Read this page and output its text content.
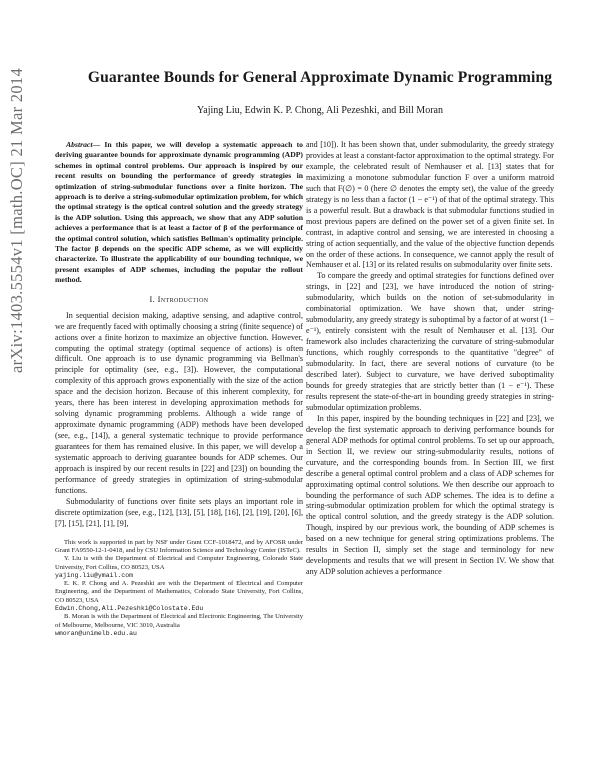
arXiv:1403.5554v1 [math.OC] 21 Mar 2014	Guarantee Bounds for General Approximate Dynamic Programming
Yajing Liu, Edwin K. P. Chong, Ali Pezeshki, and Bill Moran

Abstract— In this paper, we will develop a systematic approach to deriving guarantee bounds for approximate dynamic programming (ADP) schemes in optimal control problems. Our approach is inspired by our recent results on bounding the performance of greedy strategies in optimization of string-submodular functions over a finite horizon. The approach is to derive a string-submodular optimization problem, for which the optimal strategy is the optical control solution and the greedy strategy is the ADP solution. Using this approach, we show that any ADP solution achieves a performance that is at least a factor of β of the performance of the optimal control solution, which satisfies Bellman's optimality principle. The factor β depends on the specific ADP scheme, as we will explicitly characterize. To illustrate the applicability of our bounding technique, we present examples of ADP schemes, including the popular the rollout method.

I. Introduction

In sequential decision making, adaptive sensing, and adaptive control, we are frequently faced with optimally choosing a string (finite sequence) of actions over a finite horizon to maximize an objective function. However, computing the optimal strategy (optimal sequence of actions) is often difficult. One approach is to use dynamic programming via Bellman's principle for optimality (see, e.g., [3]). However, the computational complexity of this approach grows exponentially with the size of the action space and the decision horizon. Because of this inherent complexity, for years, there has been interest in developing approximation methods for solving dynamic programming problems. Although a wide range of approximate dynamic programming (ADP) methods have been developed (see, e.g., [14]), a general systematic technique to provide performance guarantees for them has remained elusive. In this paper, we will develop a systematic approach to deriving guarantee bounds for ADP schemes. Our approach is inspired by our recent results in [22] and [23]) on bounding the performance of greedy strategies in optimization of string-submodular functions.

Submodularity of functions over finite sets plays an important role in discrete optimization (see, e.g., [12], [13], [5], [18], [16], [2], [19], [20], [6], [7], [15], [21], [1], [9],

This work is supported in part by NSF under Grant CCF-1018472, and by AFOSR under Grant FA9550-12-1-0418, and by CSU Information Science and Technology Center (ISTeC).

Y. Liu is with the Department of Electrical and Computer Engineering, Colorado State University, Fort Collins, CO 80523, USA
yajing.liu@ymail.com

E. K. P. Chong and A. Pezeshki are with the Department of Electrical and Computer Engineering, and the Department of Mathematics, Colorado State University, Fort Collins, CO 80523, USA
Edwin.Chong,Ali.Pezeshki@Colostate.Edu

B. Moran is with the Department of Electrical and Electronic Engineering, The University of Melbourne, Melbourne, VIC 3010, Australia
wmoran@unimelb.edu.au

and [10]). It has been shown that, under submodularity, the greedy strategy provides at least a constant-factor approximation to the optimal strategy. For example, the celebrated result of Nemhauser et al. [13] states that for maximizing a monotone submodular function F over a uniform matroid such that F(∅) = 0 (here ∅ denotes the empty set), the value of the greedy strategy is no less than a factor (1 − e⁻¹) of that of the optimal strategy. This is a powerful result. But a drawback is that submodular functions studied in most previous papers are defined on the power set of a given finite set. In contrast, in adaptive control and sensing, we are interested in choosing a string of action sequentially, and the value of the objective function depends on the order of these actions. In consequence, we cannot apply the result of Nemhauser et al. [13] or its related results on submodularity over finite sets.

To compare the greedy and optimal strategies for functions defined over strings, in [22] and [23], we have introduced the notion of string-submodularity, which builds on the notion of set-submodularity in combinatorial optimization. We have shown that, under string-submodularity, any greedy strategy is suboptimal by a factor of at worst (1 − e⁻¹), entirely consistent with the result of Nemhauser et al. [13]. Our framework also includes characterizing the curvature of string-submodular functions, which roughly corresponds to the quantitative "degree" of submodularity. In fact, there are several notions of curvature (to be described later). Subject to curvature, we have derived suboptimality bounds for greedy strategies that are strictly better than (1 − e⁻¹). These results represent the state-of-the-art in bounding greedy strategies in string-submodular optimization problems.

In this paper, inspired by the bounding techniques in [22] and [23], we develop the first systematic approach to deriving performance bounds for general ADP methods for optimal control problems. To set up our approach, in Section II, we review our string-submodularity results, notions of curvature, and the corresponding bounds from. In Section III, we first describe a general optimal control problem and a class of ADP schemes for approximating optimal control solutions. We then describe our approach to bounding the performance of such ADP schemes. The idea is to define a string-submodular optimization problem for which the optimal strategy is the optical control solution, and the greedy strategy is the ADP solution. Though, inspired by our previous work, the bounding of ADP schemes is based on a new technique for general string optimizations problems. The results in Section II, simply set the stage and terminology for new developments and results that we will present in Section IV. We show that any ADP solution achieves a performance
